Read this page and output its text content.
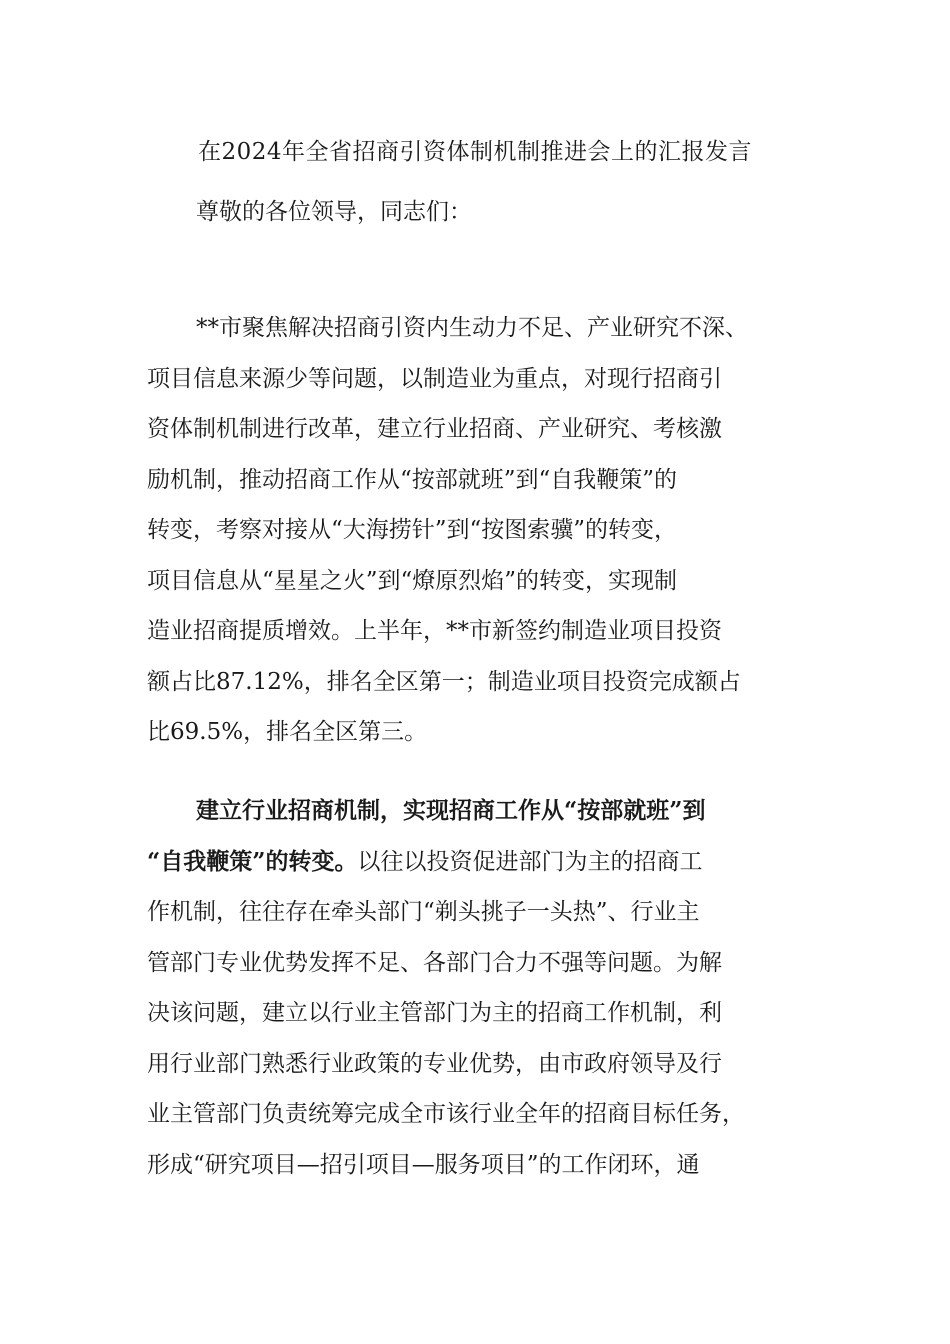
在2024年全省招商引资体制机制推进会上的汇报发言
尊敬的各位领导，同志们：
**市聚焦解决招商引资内生动力不足、产业研究不深、
项目信息来源少等问题，以制造业为重点，对现行招商引
资体制机制进行改革，建立行业招商、产业研究、考核激
励机制，推动招商工作从“按部就班”到“自我鞭策”的
转变，考察对接从“大海捞针”到“按图索骥”的转变，
项目信息从“星星之火”到“燎原烈焰”的转变，实现制
造业招商提质增效。上半年，**市新签约制造业项目投资
额占比87.12%，排名全区第一；制造业项目投资完成额占
比69.5%，排名全区第三。
建立行业招商机制，实现招商工作从“按部就班”到
“自我鞭策”的转变。以往以投资促进部门为主的招商工
作机制，往往存在牵头部门“剃头挑子一头热”、行业主
管部门专业优势发挥不足、各部门合力不强等问题。为解
决该问题，建立以行业主管部门为主的招商工作机制，利
用行业部门熟悉行业政策的专业优势，由市政府领导及行
业主管部门负责统筹完成全市该行业全年的招商目标任务，
形成“研究项目—招引项目—服务项目”的工作闭环，通
